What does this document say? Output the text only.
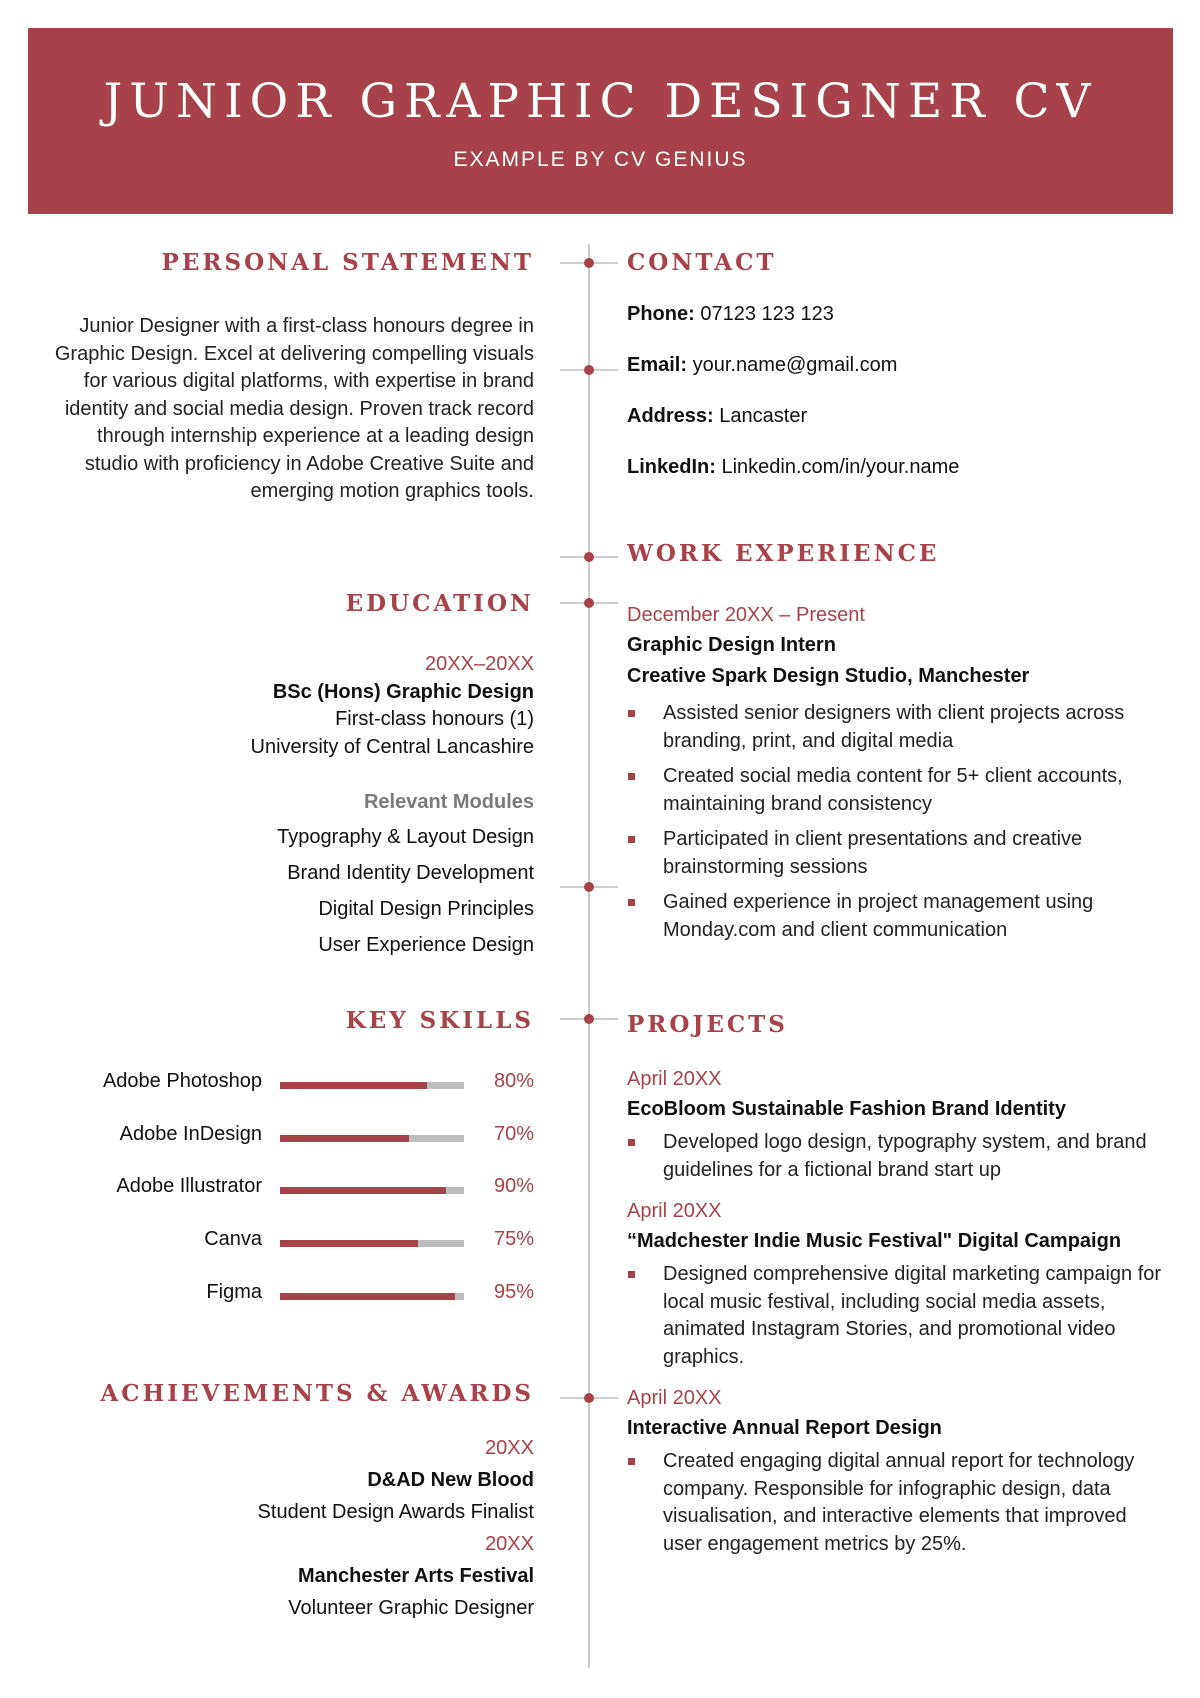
JUNIOR GRAPHIC DESIGNER CV
EXAMPLE BY CV GENIUS
PERSONAL STATEMENT
Junior Designer with a first-class honours degree in Graphic Design. Excel at delivering compelling visuals for various digital platforms, with expertise in brand identity and social media design. Proven track record through internship experience at a leading design studio with proficiency in Adobe Creative Suite and emerging motion graphics tools.
EDUCATION
20XX–20XX
BSc (Hons) Graphic Design
First-class honours (1)
University of Central Lancashire
Relevant Modules
Typography & Layout Design
Brand Identity Development
Digital Design Principles
User Experience Design
KEY SKILLS
Adobe Photoshop	80%
Adobe InDesign	70%
Adobe Illustrator	90%
Canva	75%
Figma	95%
ACHIEVEMENTS & AWARDS
20XX
D&AD New Blood
Student Design Awards Finalist
20XX
Manchester Arts Festival
Volunteer Graphic Designer
CONTACT
Phone: 07123 123 123
Email: your.name@gmail.com
Address: Lancaster
LinkedIn: Linkedin.com/in/your.name
WORK EXPERIENCE
December 20XX – Present
Graphic Design Intern
Creative Spark Design Studio, Manchester
Assisted senior designers with client projects across branding, print, and digital media
Created social media content for 5+ client accounts, maintaining brand consistency
Participated in client presentations and creative brainstorming sessions
Gained experience in project management using Monday.com and client communication
PROJECTS
April 20XX
EcoBloom Sustainable Fashion Brand Identity
Developed logo design, typography system, and brand guidelines for a fictional brand start up
April 20XX
“Madchester Indie Music Festival" Digital Campaign
Designed comprehensive digital marketing campaign for local music festival, including social media assets, animated Instagram Stories, and promotional video graphics.
April 20XX
Interactive Annual Report Design
Created engaging digital annual report for technology company. Responsible for infographic design, data visualisation, and interactive elements that improved user engagement metrics by 25%.
